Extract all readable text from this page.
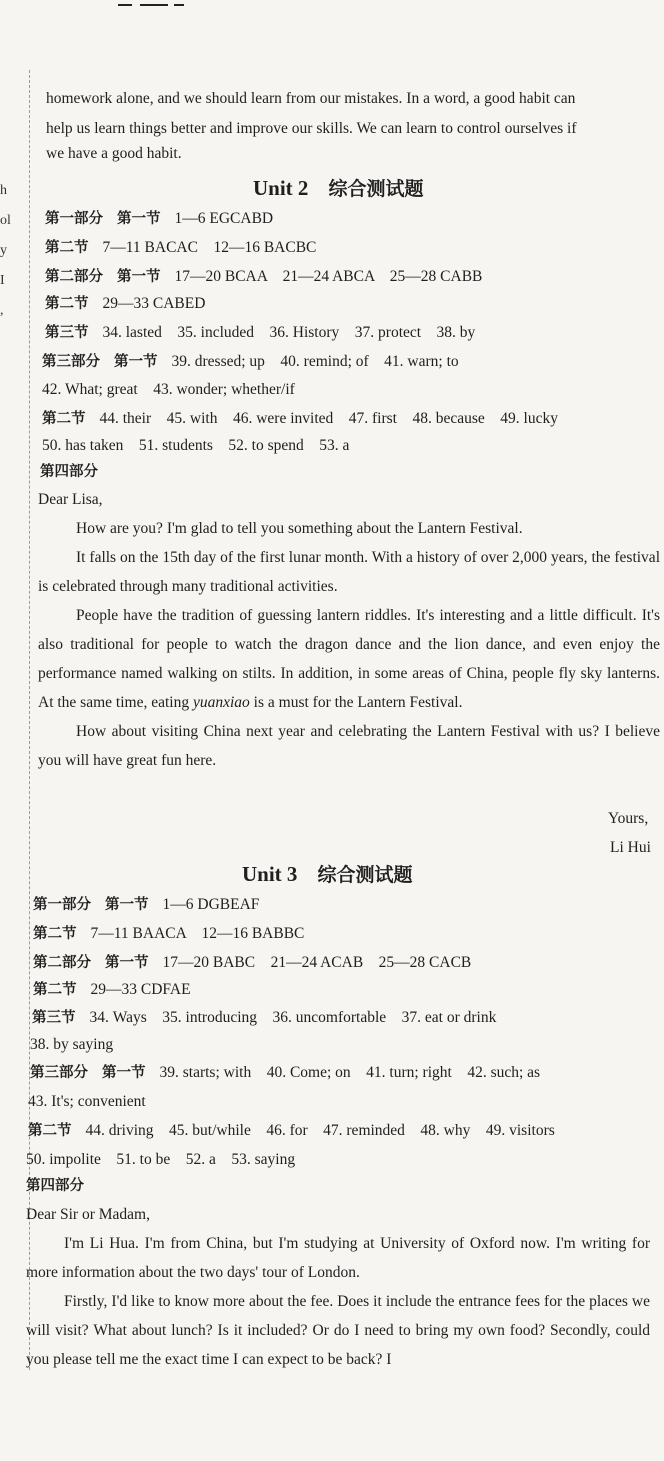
h
ol
y
I
,
homework alone, and we should learn from our mistakes. In a word, a good habit can
help us learn things better and improve our skills. We can learn to control ourselves if
we have a good habit.
Unit 2 综合测试题
第一部分 第一节 1—6 EGCABD
第二节 7—11 BACAC    12—16 BACBC
第二部分 第一节 17—20 BCAA    21—24 ABCA    25—28 CABB
第二节 29—33 CABED
第三节 34. lasted    35. included    36. History    37. protect    38. by
第三部分 第一节 39. dressed; up    40. remind; of    41. warn; to
42. What; great    43. wonder; whether/if
第二节 44. their    45. with    46. were invited    47. first    48. because    49. lucky
50. has taken    51. students    52. to spend    53. a
第四部分

Dear Lisa,

How are you? I'm glad to tell you something about the Lantern Festival.

It falls on the 15th day of the first lunar month. With a history of over 2,000 years, the festival is celebrated through many traditional activities.

People have the tradition of guessing lantern riddles. It's interesting and a little difficult. It's also traditional for people to watch the dragon dance and the lion dance, and even enjoy the performance named walking on stilts. In addition, in some areas of China, people fly sky lanterns. At the same time, eating yuanxiao is a must for the Lantern Festival.

How about visiting China next year and celebrating the Lantern Festival with us? I believe you will have great fun here.

Yours,
Li Hui
Unit 3 综合测试题
第一部分 第一节 1—6 DGBEAF
第二节 7—11 BAACA    12—16 BABBC
第二部分 第一节 17—20 BABC    21—24 ACAB    25—28 CACB
第二节 29—33 CDFAE
第三节 34. Ways    35. introducing    36. uncomfortable    37. eat or drink
38. by saying
第三部分 第一节 39. starts; with    40. Come; on    41. turn; right    42. such; as
43. It's; convenient
第二节 44. driving    45. but/while    46. for    47. reminded    48. why    49. visitors
50. impolite    51. to be    52. a    53. saying
第四部分

Dear Sir or Madam,

I'm Li Hua. I'm from China, but I'm studying at University of Oxford now. I'm writing for more information about the two days' tour of London.

Firstly, I'd like to know more about the fee. Does it include the entrance fees for the places we will visit? What about lunch? Is it included? Or do I need to bring my own food? Secondly, could you please tell me the exact time I can expect to be back? I
